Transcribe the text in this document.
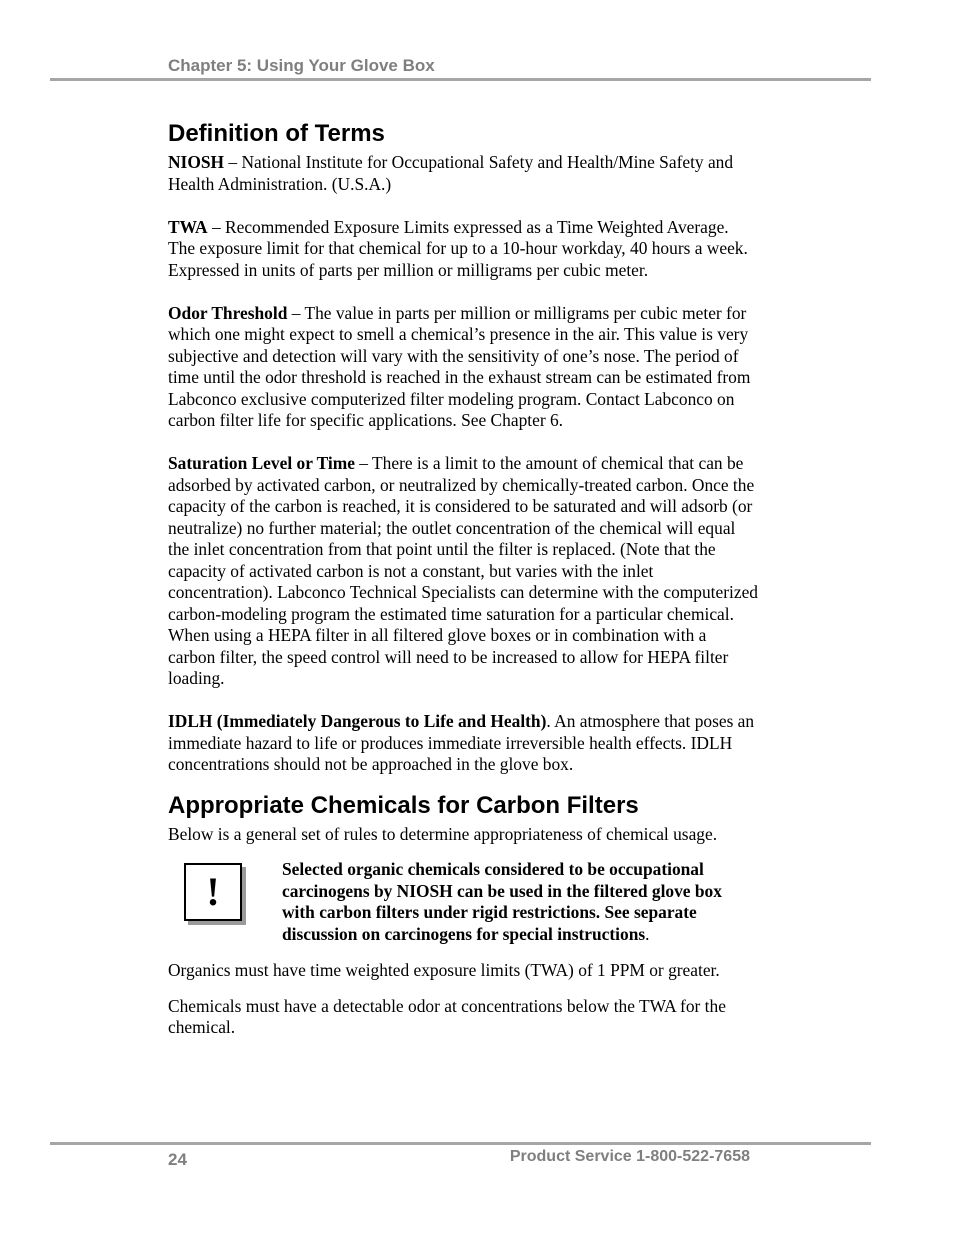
Chapter 5: Using Your Glove Box
Definition of Terms

NIOSH – National Institute for Occupational Safety and Health/Mine Safety and Health Administration. (U.S.A.)

TWA – Recommended Exposure Limits expressed as a Time Weighted Average. The exposure limit for that chemical for up to a 10-hour workday, 40 hours a week. Expressed in units of parts per million or milligrams per cubic meter.

Odor Threshold – The value in parts per million or milligrams per cubic meter for which one might expect to smell a chemical’s presence in the air. This value is very subjective and detection will vary with the sensitivity of one’s nose. The period of time until the odor threshold is reached in the exhaust stream can be estimated from Labconco exclusive computerized filter modeling program. Contact Labconco on carbon filter life for specific applications. See Chapter 6.

Saturation Level or Time – There is a limit to the amount of chemical that can be adsorbed by activated carbon, or neutralized by chemically-treated carbon. Once the capacity of the carbon is reached, it is considered to be saturated and will adsorb (or neutralize) no further material; the outlet concentration of the chemical will equal the inlet concentration from that point until the filter is replaced. (Note that the capacity of activated carbon is not a constant, but varies with the inlet concentration). Labconco Technical Specialists can determine with the computerized carbon-modeling program the estimated time saturation for a particular chemical. When using a HEPA filter in all filtered glove boxes or in combination with a carbon filter, the speed control will need to be increased to allow for HEPA filter loading.

IDLH (Immediately Dangerous to Life and Health). An atmosphere that poses an immediate hazard to life or produces immediate irreversible health effects. IDLH concentrations should not be approached in the glove box.

Appropriate Chemicals for Carbon Filters

Below is a general set of rules to determine appropriateness of chemical usage.

!	Selected organic chemicals considered to be occupational carcinogens by NIOSH can be used in the filtered glove box with carbon filters under rigid restrictions. See separate discussion on carcinogens for special instructions.

Organics must have time weighted exposure limits (TWA) of 1 PPM or greater.

Chemicals must have a detectable odor at concentrations below the TWA for the chemical.

24	Product Service 1-800-522-7658
